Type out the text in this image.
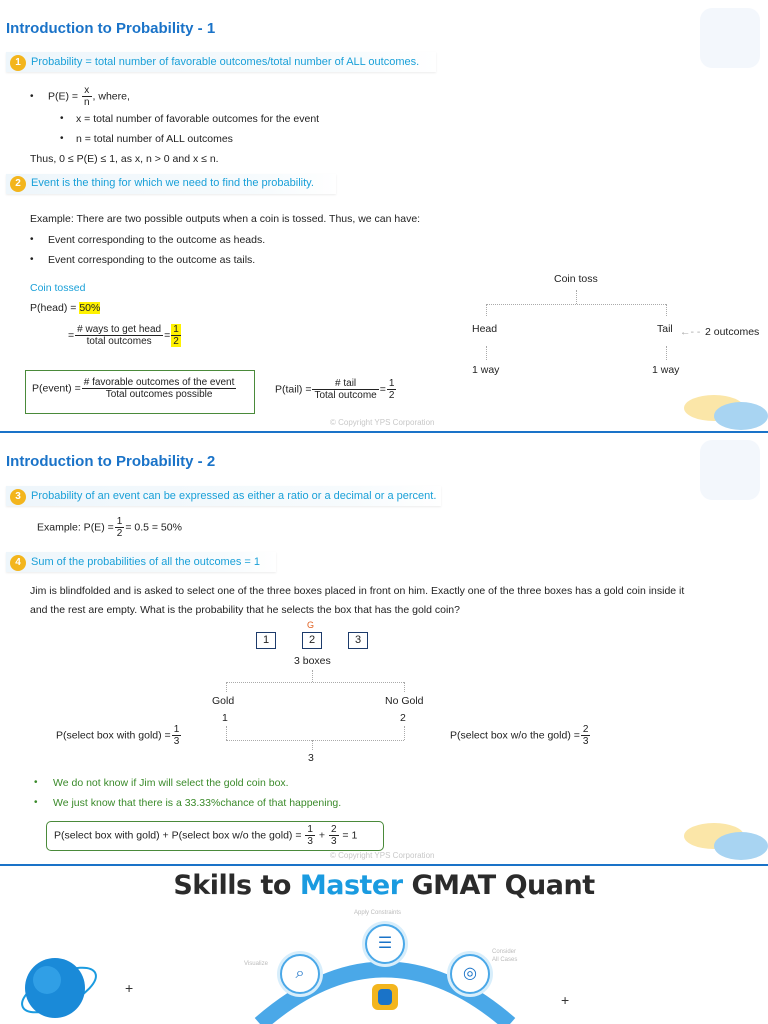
Introduction to Probability - 1
1 Probability = total number of favorable outcomes/total number of ALL outcomes.
• $P(E) = \frac{x}{n}$ , where,
• x = total number of favorable outcomes for the event
• n = total number of ALL outcomes
Thus, 0 ≤ P(E) ≤ 1, as x, n > 0 and x ≤ n.
2 Event is the thing for which we need to find the probability.
Example: There are two possible outputs when a coin is tossed. Thus, we can have:
• Event corresponding to the outcome as heads.
• Event corresponding to the outcome as tails.
Coin tossed
P(head) = 50%
= $\frac{\text{\# ways to get head}}{\text{total outcomes}} = \frac{1}{2}$
P(event) = $\frac{\text{\# favorable outcomes of the event}}{\text{Total outcomes possible}}$	P(tail) = $\frac{\text{\# tail}}{\text{Total outcome}} = \frac{1}{2}$
Coin toss
Head	Tail ←- - 2 outcomes
1 way	1 way
© Copyright YPS Corporation
Introduction to Probability - 2
3 Probability of an event can be expressed as either a ratio or a decimal or a percent.
Example: $P(E) = \frac{1}{2} = 0.5 = 50\%$
4 Sum of the probabilities of all the outcomes = 1
Jim is blindfolded and is asked to select one of the three boxes placed in front on him. Exactly one of the three boxes has a gold coin inside it
and the rest are empty. What is the probability that he selects the box that has the gold coin?
G
1	2	3
3 boxes
Gold
1
No Gold
2
3
P(select box with gold) = $\frac{1}{3}$	P(select box w/o the gold) = $\frac{2}{3}$
• We do not know if Jim will select the gold coin box.
• We just know that there is a 33.33%chance of that happening.
P(select box with gold) + P(select box w/o the gold) = $\frac{1}{3} + \frac{2}{3} = 1$
© Copyright YPS Corporation
Skills to Master GMAT Quant
Apply Constraints
☰
Visualize
⌕
Consider
All Cases
◎
+
+
